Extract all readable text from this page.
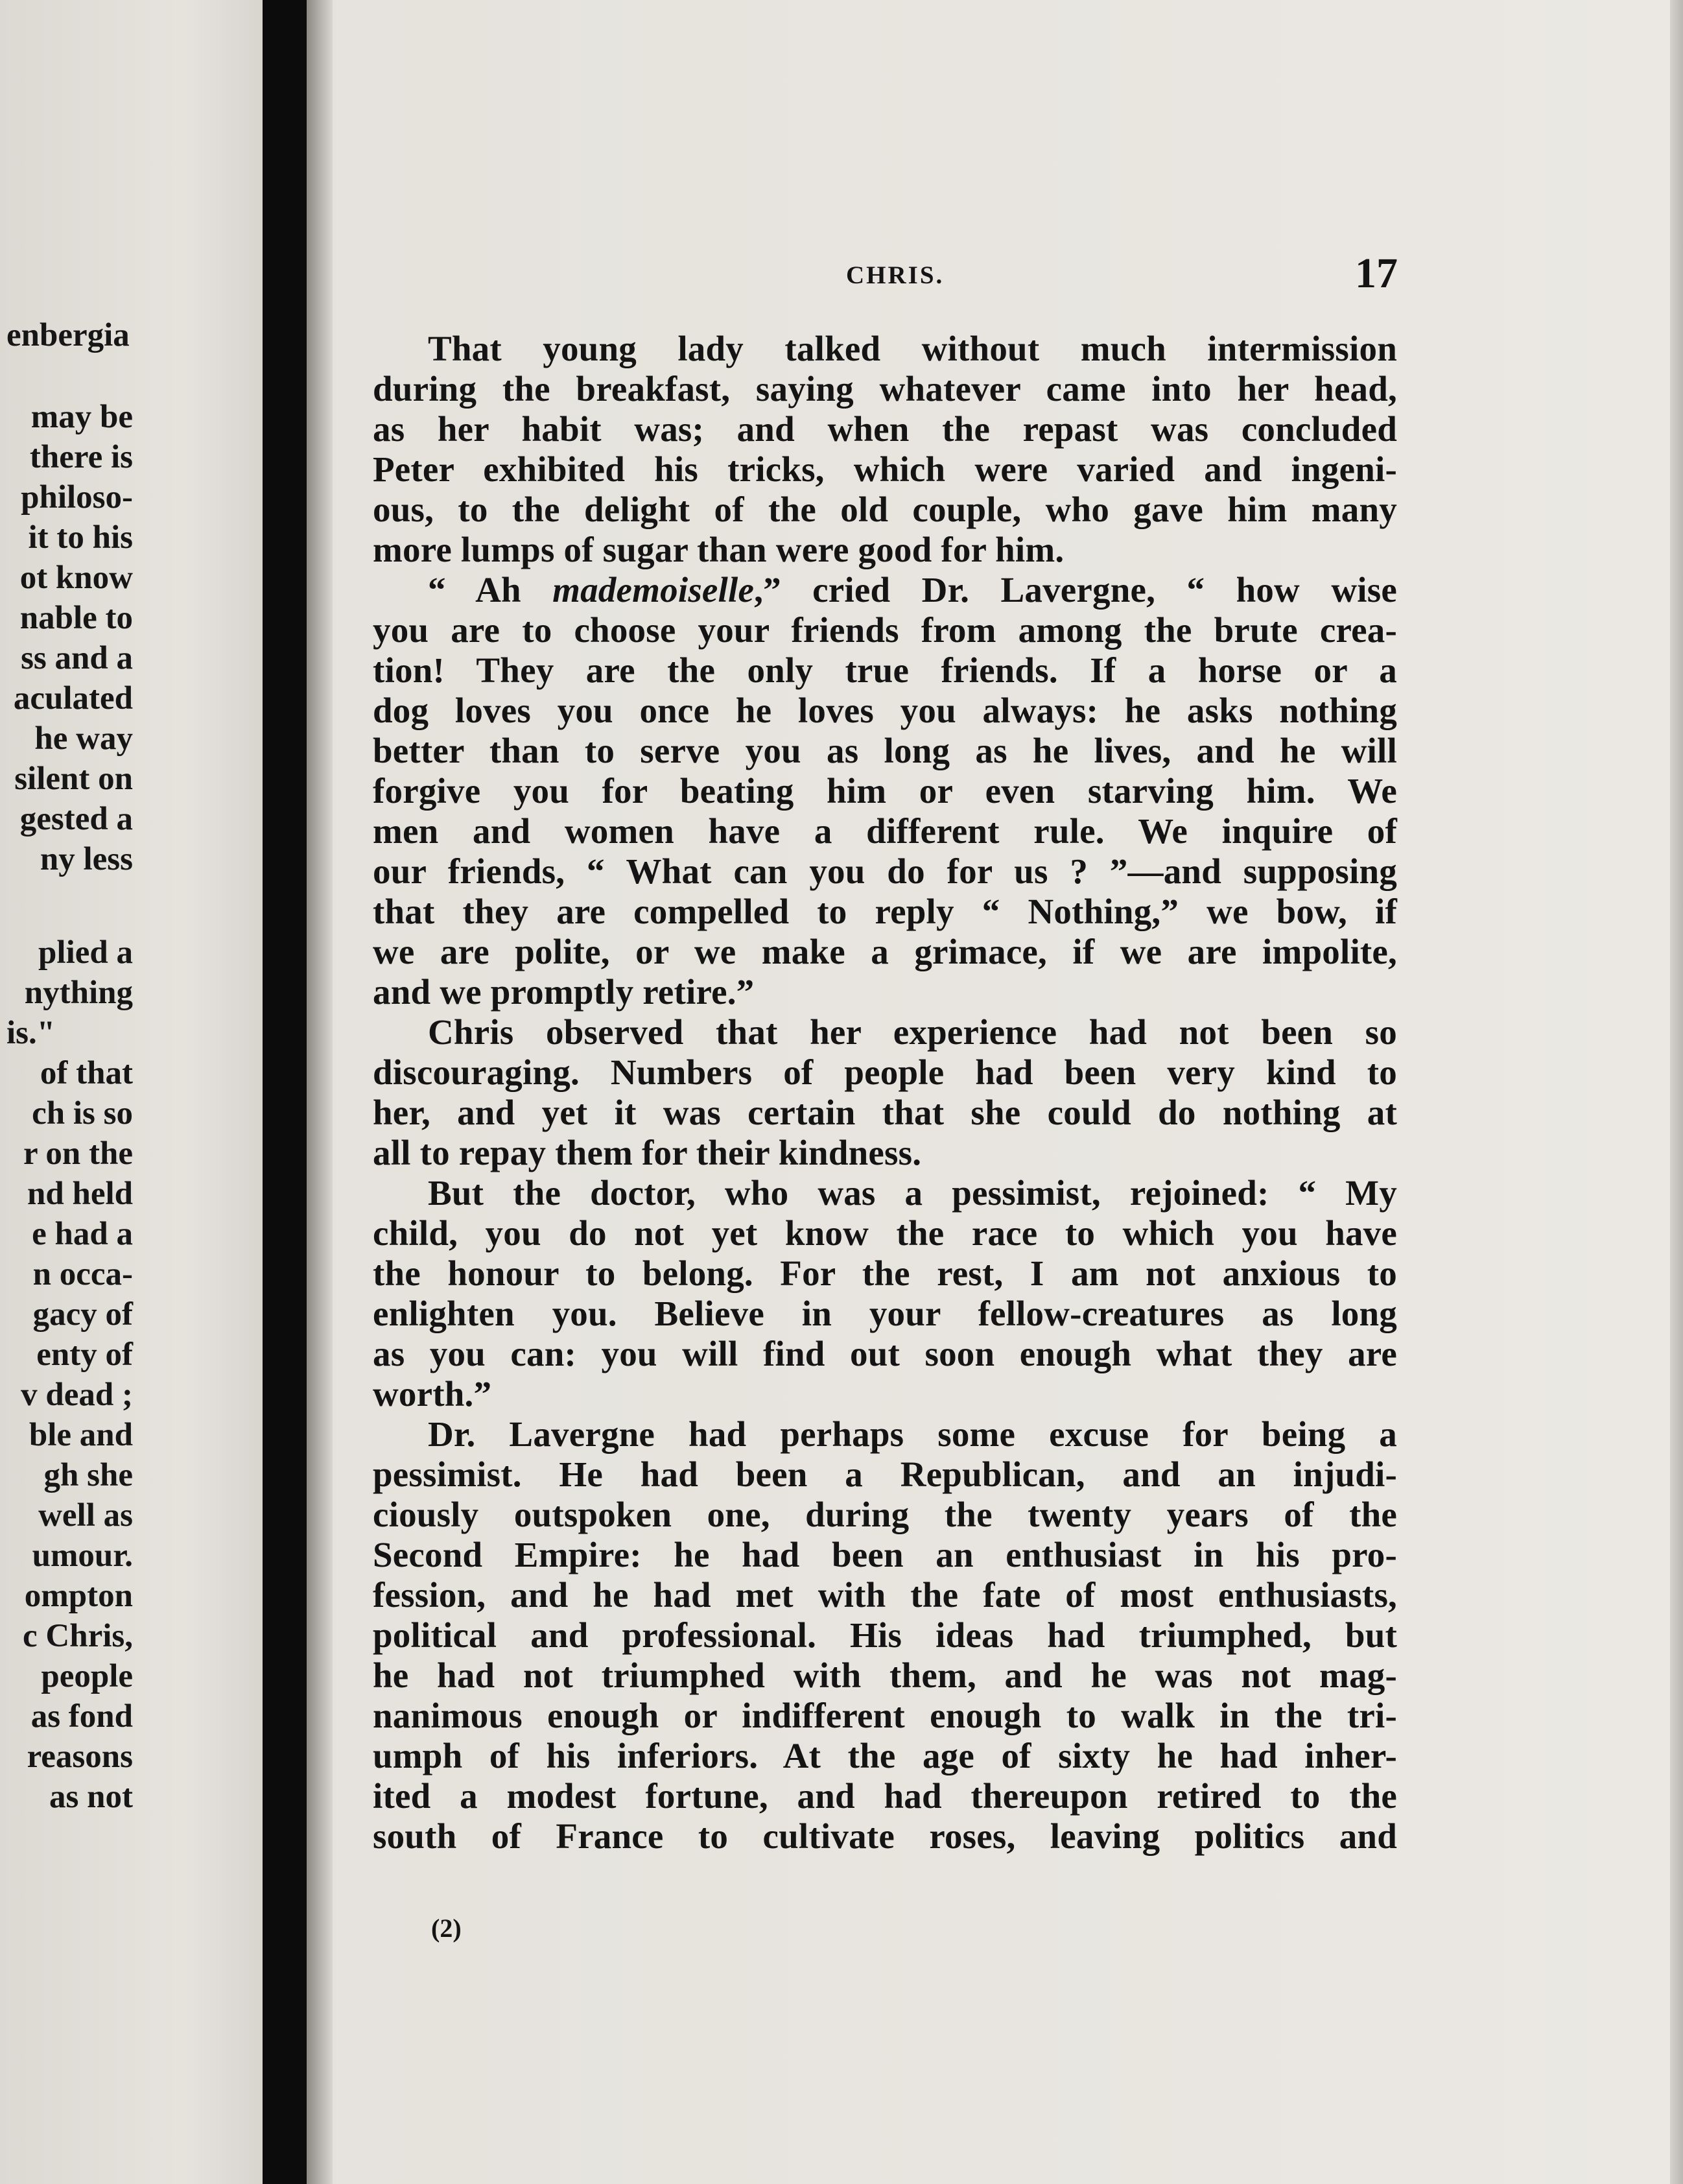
enbergia
may be
there is
philoso-
it to his
ot know
nable to
ss and a
aculated
he way
silent on
gested a
ny less
plied a
nything
is."
of that
ch is so
r on the
nd held
e had a
n occa-
gacy of
enty of
v dead ;
ble and
gh she
well as
umour.
ompton
c Chris,
people
as fond
reasons
as not
CHRIS.	17
That young lady talked without much intermission
during the breakfast, saying whatever came into her head,
as her habit was; and when the repast was concluded
Peter exhibited his tricks, which were varied and ingeni-
ous, to the delight of the old couple, who gave him many
more lumps of sugar than were good for him.
“ Ah mademoiselle,” cried Dr. Lavergne, “ how wise
you are to choose your friends from among the brute crea-
tion! They are the only true friends. If a horse or a
dog loves you once he loves you always: he asks nothing
better than to serve you as long as he lives, and he will
forgive you for beating him or even starving him. We
men and women have a different rule. We inquire of
our friends, “ What can you do for us ? ”—and supposing
that they are compelled to reply “ Nothing,” we bow, if
we are polite, or we make a grimace, if we are impolite,
and we promptly retire.”
Chris observed that her experience had not been so
discouraging. Numbers of people had been very kind to
her, and yet it was certain that she could do nothing at
all to repay them for their kindness.
But the doctor, who was a pessimist, rejoined: “ My
child, you do not yet know the race to which you have
the honour to belong. For the rest, I am not anxious to
enlighten you. Believe in your fellow-creatures as long
as you can: you will find out soon enough what they are
worth.”
Dr. Lavergne had perhaps some excuse for being a
pessimist. He had been a Republican, and an injudi-
ciously outspoken one, during the twenty years of the
Second Empire: he had been an enthusiast in his pro-
fession, and he had met with the fate of most enthusiasts,
political and professional. His ideas had triumphed, but
he had not triumphed with them, and he was not mag-
nanimous enough or indifferent enough to walk in the tri-
umph of his inferiors. At the age of sixty he had inher-
ited a modest fortune, and had thereupon retired to the
south of France to cultivate roses, leaving politics and
(2)
